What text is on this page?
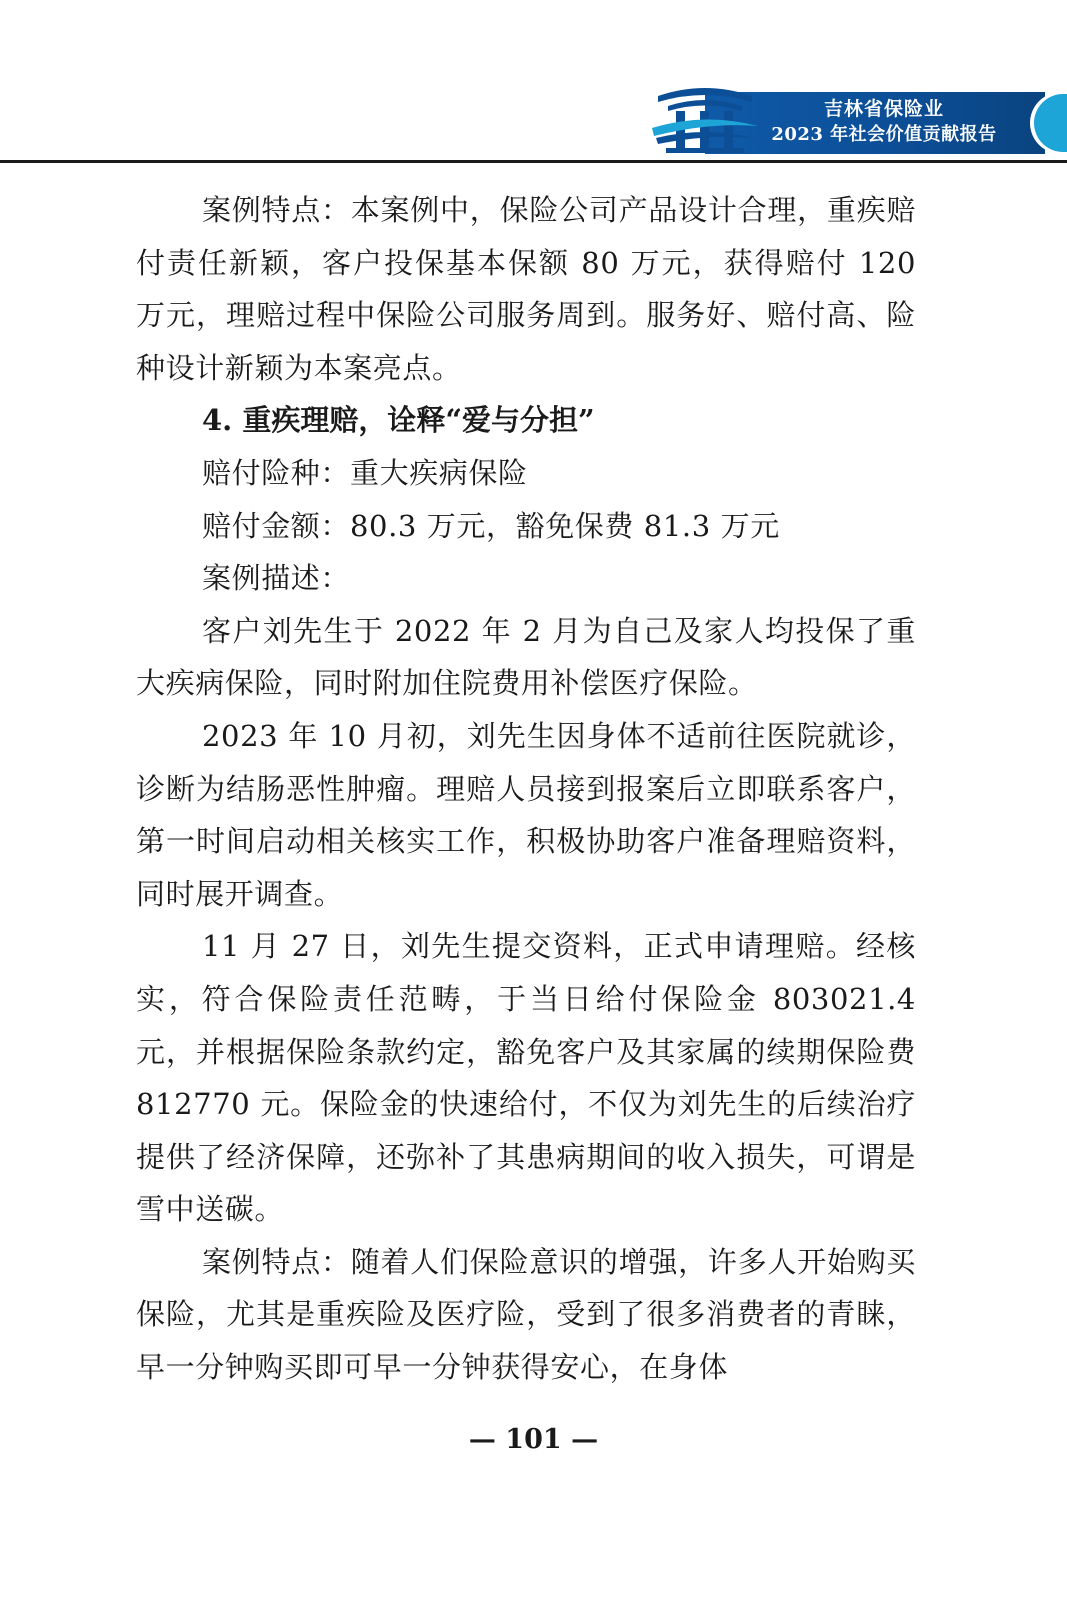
吉林省保险业
2023 年社会价值贡献报告

案例特点：本案例中，保险公司产品设计合理，重疾赔付责任新颖，客户投保基本保额 80 万元，获得赔付 120 万元，理赔过程中保险公司服务周到。服务好、赔付高、险种设计新颖为本案亮点。

4. 重疾理赔，诠释“爱与分担”

赔付险种：重大疾病保险

赔付金额：80.3 万元，豁免保费 81.3 万元

案例描述：

客户刘先生于 2022 年 2 月为自己及家人均投保了重大疾病保险，同时附加住院费用补偿医疗保险。

2023 年 10 月初，刘先生因身体不适前往医院就诊，诊断为结肠恶性肿瘤。理赔人员接到报案后立即联系客户，第一时间启动相关核实工作，积极协助客户准备理赔资料，同时展开调查。

11 月 27 日，刘先生提交资料，正式申请理赔。经核实，符合保险责任范畴，于当日给付保险金 803021.4 元，并根据保险条款约定，豁免客户及其家属的续期保险费 812770 元。保险金的快速给付，不仅为刘先生的后续治疗提供了经济保障，还弥补了其患病期间的收入损失，可谓是雪中送碳。

案例特点：随着人们保险意识的增强，许多人开始购买保险，尤其是重疾险及医疗险，受到了很多消费者的青睐，早一分钟购买即可早一分钟获得安心，在身体

— 101 —
